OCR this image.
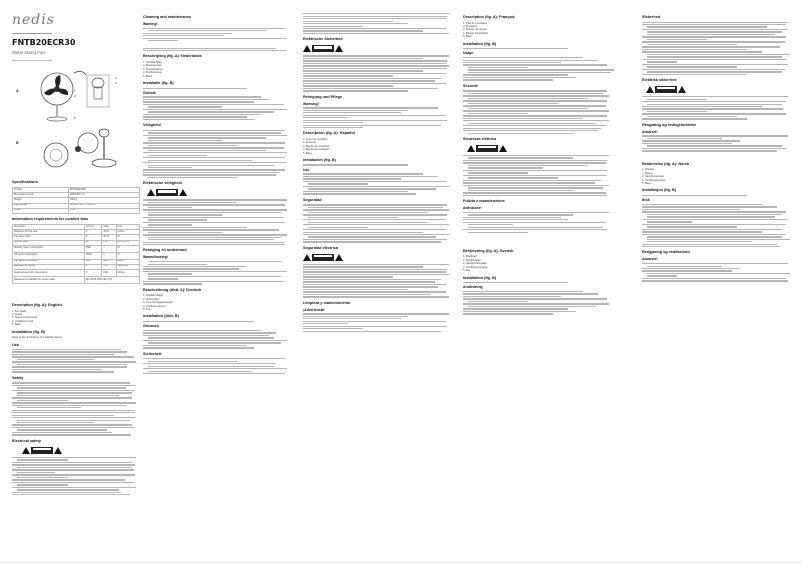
nedis
FNTB20ECR30
Metal Stand Fan
A
4
3
1
2
5
B
Specifications
Product	FNTB20ECR30
Dimensions (lxwxh)	Ø465x630 mm
Weight	3000 g
Input voltage	AC 220 - 240 V; 50/60 Hz
Power	35 W
Information requirements for comfort fans
Description	Symbol	Value	Unit
Maximum fan flow rate	F	33.54	m³/min
Fan power input	P	35.00	W
Service value	SV	1.01	(m³/min)/W
Standby power consumption	PSB	–	W
Off power consumption	POFF	0	W
Fan sound power level	LWA	58.00	dB(A)
Maximum air velocity	C	3.45	meters/sec
Seasonal electricity consumption	Q	9.80	kWh/a
Measurement standard for service value	EN 60879:1986 (IEC 879)		
Description (fig. A): English
1. Fan blade
2. Guard
3. Speed control knob
4. Oscillation knob
5. Base
Installation (fig. B)
Refer to the illustrations to install the device.
Use
Safety
Electrical safety
Cleaning and maintenance
Warning!
Beschrijving (fig. A): Nederlands
1. Ventilatorblad
2. Beschermkap
3. Snelheidsknop
4. Oscillatieknop
5. Basis
Installatie (fig. B)
Gebruik
Veiligheid
Elektrische veiligheid
Reiniging en onderhoud
Waarschuwing!
Beschreibung (Abb. A): Deutsch
1. Ventilatorflügel
2. Schutzgitter
3. Geschwindigkeitsregler
4. Oszillationsknopf
5. Fuß
Installation (Abb. B)
Gebrauch
Sicherheit
Elektrische Sicherheit
Reinigung und Pflege
Warnung!
Descripción (fig. A): Español
1. Aspa del ventilador
2. Protector
3. Mando de velocidad
4. Mando de oscilación
5. Base
Instalación (fig. B)
Uso
Seguridad
Seguridad eléctrica
Limpieza y mantenimiento
¡Advertencia!
Description (fig. A): Français
1. Pale du ventilateur
2. Protection
3. Molette de vitesse
4. Bouton d'oscillation
5. Base
Installation (fig. B)
Usage
Sécurité
Sicurezza elettrica
Pulizia e manutenzione
Attenzione!
Beskrivning (fig. A): Svensk
1. Fläktblad
2. Skyddsgaller
3. Hastighetsreglage
4. Oscillationsreglage
5. Bas
Installation (fig. B)
Användning
Sikkerhed
Elektrisk sikkerhed
Rengøring og vedligeholdelse
Advarsel!
Beskrivelse (fig. A): Norsk
1. Viftehjul
2. Deksel
3. Hastighetsknapp
4. Oscilleringsknapp
5. Base
Installasjon (fig. B)
Bruk
Rengjøring og vedlikehold
Advarsel!
